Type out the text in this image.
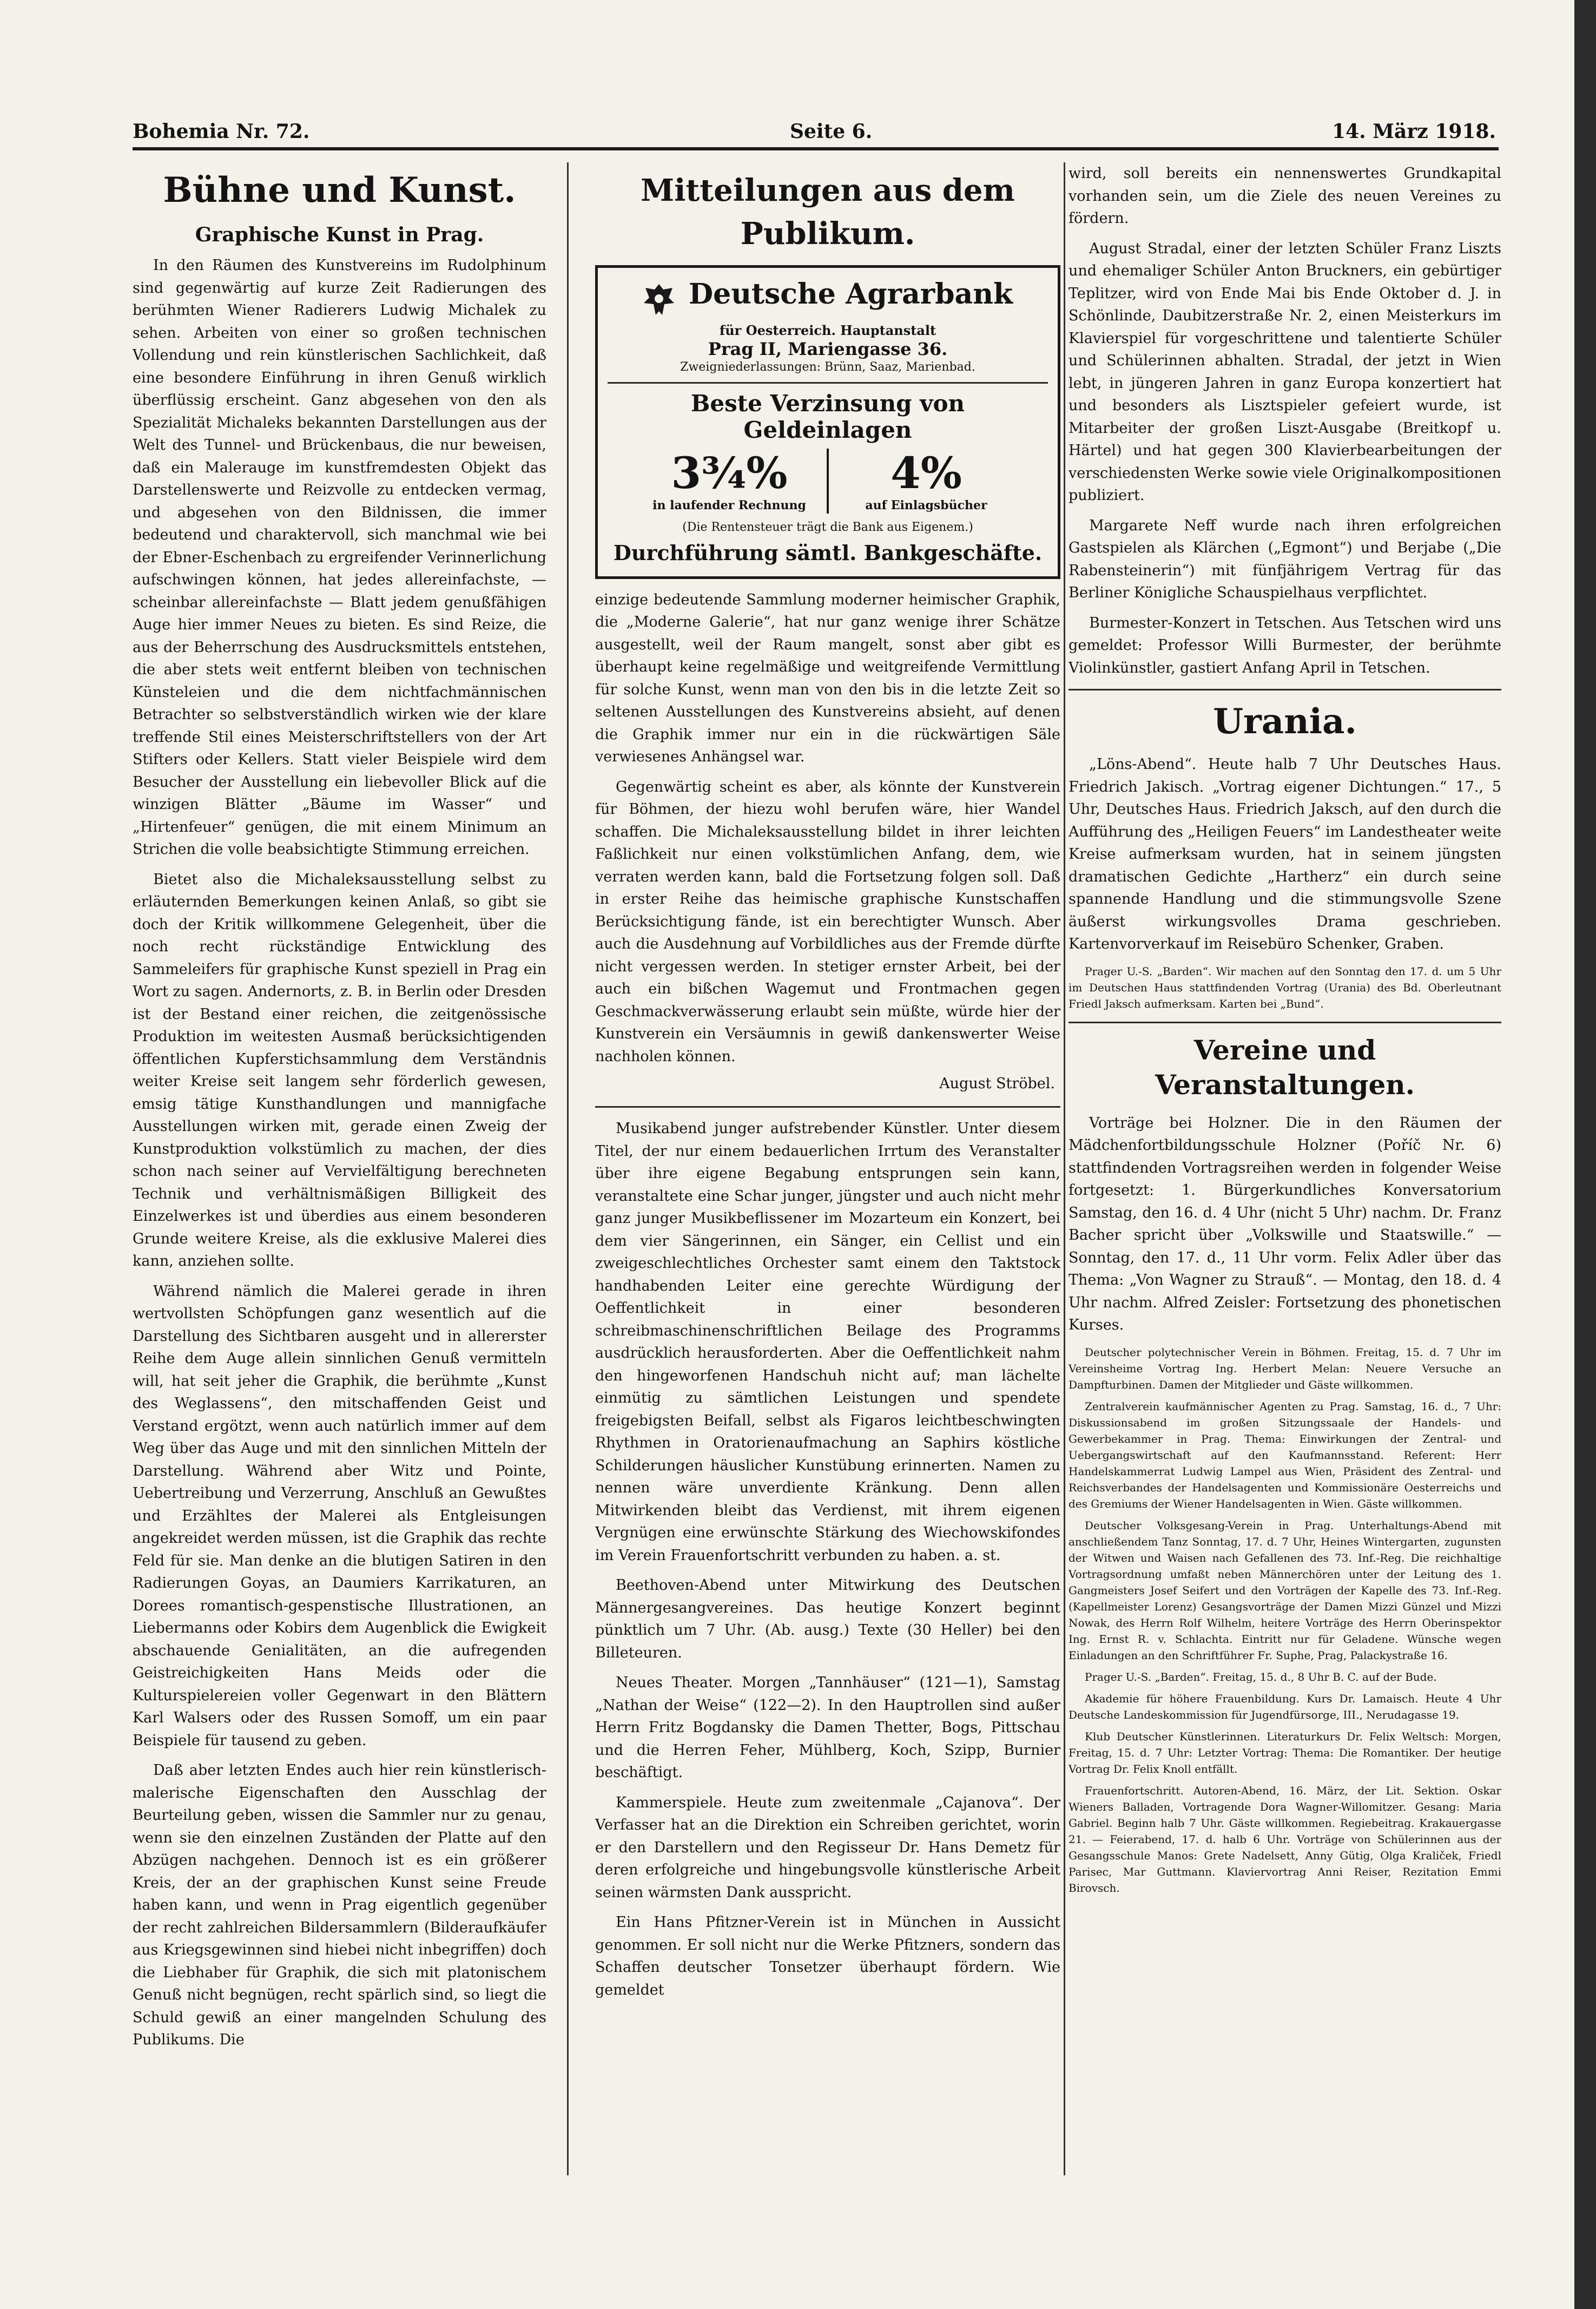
Bohemia Nr. 72.	Seite 6.	14. März 1918.
Bühne und Kunst.
Graphische Kunst in Prag.

In den Räumen des Kunstvereins im Rudolphinum sind gegenwärtig auf kurze Zeit Radierungen des berühmten Wiener Radierers Ludwig Michalek zu sehen. Arbeiten von einer so großen technischen Vollendung und rein künstlerischen Sachlichkeit, daß eine besondere Einführung in ihren Genuß wirklich überflüssig erscheint. Ganz abgesehen von den als Spezialität Michaleks bekannten Darstellungen aus der Welt des Tunnel- und Brückenbaus, die nur beweisen, daß ein Malerauge im kunstfremdesten Objekt das Darstellenswerte und Reizvolle zu entdecken vermag, und abgesehen von den Bildnissen, die immer bedeutend und charaktervoll, sich manchmal wie bei der Ebner-Eschenbach zu ergreifender Verinnerlichung aufschwingen können, hat jedes allereinfachste, — scheinbar allereinfachste — Blatt jedem genußfähigen Auge hier immer Neues zu bieten. Es sind Reize, die aus der Beherrschung des Ausdrucksmittels entstehen, die aber stets weit entfernt bleiben von technischen Künsteleien und die dem nichtfachmännischen Betrachter so selbstverständlich wirken wie der klare treffende Stil eines Meisterschriftstellers von der Art Stifters oder Kellers. Statt vieler Beispiele wird dem Besucher der Ausstellung ein liebevoller Blick auf die winzigen Blätter „Bäume im Wasser“ und „Hirtenfeuer“ genügen, die mit einem Minimum an Strichen die volle beabsichtigte Stimmung erreichen.

Bietet also die Michaleksausstellung selbst zu erläuternden Bemerkungen keinen Anlaß, so gibt sie doch der Kritik willkommene Gelegenheit, über die noch recht rückständige Entwicklung des Sammeleifers für graphische Kunst speziell in Prag ein Wort zu sagen. Andernorts, z. B. in Berlin oder Dresden ist der Bestand einer reichen, die zeitgenössische Produktion im weitesten Ausmaß berücksichtigenden öffentlichen Kupferstichsammlung dem Verständnis weiter Kreise seit langem sehr förderlich gewesen, emsig tätige Kunsthandlungen und mannigfache Ausstellungen wirken mit, gerade einen Zweig der Kunstproduktion volkstümlich zu machen, der dies schon nach seiner auf Vervielfältigung berechneten Technik und verhältnismäßigen Billigkeit des Einzelwerkes ist und überdies aus einem besonderen Grunde weitere Kreise, als die exklusive Malerei dies kann, anziehen sollte.

Während nämlich die Malerei gerade in ihren wertvollsten Schöpfungen ganz wesentlich auf die Darstellung des Sichtbaren ausgeht und in allererster Reihe dem Auge allein sinnlichen Genuß vermitteln will, hat seit jeher die Graphik, die berühmte „Kunst des Weglassens“, den mitschaffenden Geist und Verstand ergötzt, wenn auch natürlich immer auf dem Weg über das Auge und mit den sinnlichen Mitteln der Darstellung. Während aber Witz und Pointe, Uebertreibung und Verzerrung, Anschluß an Gewußtes und Erzähltes der Malerei als Entgleisungen angekreidet werden müssen, ist die Graphik das rechte Feld für sie. Man denke an die blutigen Satiren in den Radierungen Goyas, an Daumiers Karrikaturen, an Dorees romantisch-gespenstische Illustrationen, an Liebermanns oder Kobirs dem Augenblick die Ewigkeit abschauende Genialitäten, an die aufregenden Geistreichigkeiten Hans Meids oder die Kulturspielereien voller Gegenwart in den Blättern Karl Walsers oder des Russen Somoff, um ein paar Beispiele für tausend zu geben.

Daß aber letzten Endes auch hier rein künstlerisch-malerische Eigenschaften den Ausschlag der Beurteilung geben, wissen die Sammler nur zu genau, wenn sie den einzelnen Zuständen der Platte auf den Abzügen nachgehen. Dennoch ist es ein größerer Kreis, der an der graphischen Kunst seine Freude haben kann, und wenn in Prag eigentlich gegenüber der recht zahlreichen Bildersammlern (Bilderaufkäufer aus Kriegsgewinnen sind hiebei nicht inbegriffen) doch die Liebhaber für Graphik, die sich mit platonischem Genuß nicht begnügen, recht spärlich sind, so liegt die Schuld gewiß an einer mangelnden Schulung des Publikums. Die

Mitteilungen aus dem Publikum.
Deutsche Agrarbank
für Oesterreich. Hauptanstalt
Prag II, Mariengasse 36.
Zweigniederlassungen: Brünn, Saaz, Marienbad.
Beste Verzinsung von Geldeinlagen
3¾%
in laufender Rechnung
4%
auf Einlagsbücher
(Die Rentensteuer trägt die Bank aus Eigenem.)
Durchführung sämtl. Bankgeschäfte.

einzige bedeutende Sammlung moderner heimischer Graphik, die „Moderne Galerie“, hat nur ganz wenige ihrer Schätze ausgestellt, weil der Raum mangelt, sonst aber gibt es überhaupt keine regelmäßige und weitgreifende Vermittlung für solche Kunst, wenn man von den bis in die letzte Zeit so seltenen Ausstellungen des Kunstvereins absieht, auf denen die Graphik immer nur ein in die rückwärtigen Säle verwiesenes Anhängsel war.

Gegenwärtig scheint es aber, als könnte der Kunstverein für Böhmen, der hiezu wohl berufen wäre, hier Wandel schaffen. Die Michaleksausstellung bildet in ihrer leichten Faßlichkeit nur einen volkstümlichen Anfang, dem, wie verraten werden kann, bald die Fortsetzung folgen soll. Daß in erster Reihe das heimische graphische Kunstschaffen Berücksichtigung fände, ist ein berechtigter Wunsch. Aber auch die Ausdehnung auf Vorbildliches aus der Fremde dürfte nicht vergessen werden. In stetiger ernster Arbeit, bei der auch ein bißchen Wagemut und Frontmachen gegen Geschmackverwässerung erlaubt sein müßte, würde hier der Kunstverein ein Versäumnis in gewiß dankenswerter Weise nachholen können.

August Ströbel.

Musikabend junger aufstrebender Künstler. Unter diesem Titel, der nur einem bedauerlichen Irrtum des Veranstalter über ihre eigene Begabung entsprungen sein kann, veranstaltete eine Schar junger, jüngster und auch nicht mehr ganz junger Musikbeflissener im Mozarteum ein Konzert, bei dem vier Sängerinnen, ein Sänger, ein Cellist und ein zweigeschlechtliches Orchester samt einem den Taktstock handhabenden Leiter eine gerechte Würdigung der Oeffentlichkeit in einer besonderen schreibmaschinenschriftlichen Beilage des Programms ausdrücklich herausforderten. Aber die Oeffentlichkeit nahm den hingeworfenen Handschuh nicht auf; man lächelte einmütig zu sämtlichen Leistungen und spendete freigebigsten Beifall, selbst als Figaros leichtbeschwingten Rhythmen in Oratorienaufmachung an Saphirs köstliche Schilderungen häuslicher Kunstübung erinnerten. Namen zu nennen wäre unverdiente Kränkung. Denn allen Mitwirkenden bleibt das Verdienst, mit ihrem eigenen Vergnügen eine erwünschte Stärkung des Wiechowskifondes im Verein Frauenfortschritt verbunden zu haben. a. st.

Beethoven-Abend unter Mitwirkung des Deutschen Männergesangvereines. Das heutige Konzert beginnt pünktlich um 7 Uhr. (Ab. ausg.) Texte (30 Heller) bei den Billeteuren.

Neues Theater. Morgen „Tannhäuser“ (121—1), Samstag „Nathan der Weise“ (122—2). In den Hauptrollen sind außer Herrn Fritz Bogdansky die Damen Thetter, Bogs, Pittschau und die Herren Feher, Mühlberg, Koch, Szipp, Burnier beschäftigt.

Kammerspiele. Heute zum zweitenmale „Cajanova“. Der Verfasser hat an die Direktion ein Schreiben gerichtet, worin er den Darstellern und den Regisseur Dr. Hans Demetz für deren erfolgreiche und hingebungsvolle künstlerische Arbeit seinen wärmsten Dank ausspricht.

Ein Hans Pfitzner-Verein ist in München in Aussicht genommen. Er soll nicht nur die Werke Pfitzners, sondern das Schaffen deutscher Tonsetzer überhaupt fördern. Wie gemeldet

wird, soll bereits ein nennenswertes Grundkapital vorhanden sein, um die Ziele des neuen Vereines zu fördern.

August Stradal, einer der letzten Schüler Franz Liszts und ehemaliger Schüler Anton Bruckners, ein gebürtiger Teplitzer, wird von Ende Mai bis Ende Oktober d. J. in Schönlinde, Daubitzerstraße Nr. 2, einen Meisterkurs im Klavierspiel für vorgeschrittene und talentierte Schüler und Schülerinnen abhalten. Stradal, der jetzt in Wien lebt, in jüngeren Jahren in ganz Europa konzertiert hat und besonders als Lisztspieler gefeiert wurde, ist Mitarbeiter der großen Liszt-Ausgabe (Breitkopf u. Härtel) und hat gegen 300 Klavierbearbeitungen der verschiedensten Werke sowie viele Originalkompositionen publiziert.

Margarete Neff wurde nach ihren erfolgreichen Gastspielen als Klärchen („Egmont“) und Berjabe („Die Rabensteinerin“) mit fünfjährigem Vertrag für das Berliner Königliche Schauspielhaus verpflichtet.

Burmester-Konzert in Tetschen. Aus Tetschen wird uns gemeldet: Professor Willi Burmester, der berühmte Violinkünstler, gastiert Anfang April in Tetschen.

Urania.

„Löns-Abend“. Heute halb 7 Uhr Deutsches Haus. Friedrich Jakisch. „Vortrag eigener Dichtungen.“ 17., 5 Uhr, Deutsches Haus. Friedrich Jaksch, auf den durch die Aufführung des „Heiligen Feuers“ im Landestheater weite Kreise aufmerksam wurden, hat in seinem jüngsten dramatischen Gedichte „Hartherz“ ein durch seine spannende Handlung und die stimmungsvolle Szene äußerst wirkungsvolles Drama geschrieben. Kartenvorverkauf im Reisebüro Schenker, Graben.

Prager U.-S. „Barden“. Wir machen auf den Sonntag den 17. d. um 5 Uhr im Deutschen Haus stattfindenden Vortrag (Urania) des Bd. Oberleutnant Friedl Jaksch aufmerksam. Karten bei „Bund“.

Vereine und Veranstaltungen.

Vorträge bei Holzner. Die in den Räumen der Mädchenfortbildungsschule Holzner (Poříč Nr. 6) stattfindenden Vortragsreihen werden in folgender Weise fortgesetzt: 1. Bürgerkundliches Konversatorium Samstag, den 16. d. 4 Uhr (nicht 5 Uhr) nachm. Dr. Franz Bacher spricht über „Volkswille und Staatswille.“ — Sonntag, den 17. d., 11 Uhr vorm. Felix Adler über das Thema: „Von Wagner zu Strauß“. — Montag, den 18. d. 4 Uhr nachm. Alfred Zeisler: Fortsetzung des phonetischen Kurses.

Deutscher polytechnischer Verein in Böhmen. Freitag, 15. d. 7 Uhr im Vereinsheime Vortrag Ing. Herbert Melan: Neuere Versuche an Dampfturbinen. Damen der Mitglieder und Gäste willkommen.

Zentralverein kaufmännischer Agenten zu Prag. Samstag, 16. d., 7 Uhr: Diskussionsabend im großen Sitzungssaale der Handels- und Gewerbekammer in Prag. Thema: Einwirkungen der Zentral- und Uebergangswirtschaft auf den Kaufmannsstand. Referent: Herr Handelskammerrat Ludwig Lampel aus Wien, Präsident des Zentral- und Reichsverbandes der Handelsagenten und Kommissionäre Oesterreichs und des Gremiums der Wiener Handelsagenten in Wien. Gäste willkommen.

Deutscher Volksgesang-Verein in Prag. Unterhaltungs-Abend mit anschließendem Tanz Sonntag, 17. d. 7 Uhr, Heines Wintergarten, zugunsten der Witwen und Waisen nach Gefallenen des 73. Inf.-Reg. Die reichhaltige Vortragsordnung umfaßt neben Männerchören unter der Leitung des 1. Gangmeisters Josef Seifert und den Vorträgen der Kapelle des 73. Inf.-Reg. (Kapellmeister Lorenz) Gesangsvorträge der Damen Mizzi Günzel und Mizzi Nowak, des Herrn Rolf Wilhelm, heitere Vorträge des Herrn Oberinspektor Ing. Ernst R. v. Schlachta. Eintritt nur für Geladene. Wünsche wegen Einladungen an den Schriftführer Fr. Suphe, Prag, Palackystraße 16.

Prager U.-S. „Barden“. Freitag, 15. d., 8 Uhr B. C. auf der Bude.

Akademie für höhere Frauenbildung. Kurs Dr. Lamaisch. Heute 4 Uhr Deutsche Landeskommission für Jugendfürsorge, III., Nerudagasse 19.

Klub Deutscher Künstlerinnen. Literaturkurs Dr. Felix Weltsch: Morgen, Freitag, 15. d. 7 Uhr: Letzter Vortrag: Thema: Die Romantiker. Der heutige Vortrag Dr. Felix Knoll entfällt.

Frauenfortschritt. Autoren-Abend, 16. März, der Lit. Sektion. Oskar Wieners Balladen, Vortragende Dora Wagner-Willomitzer. Gesang: Maria Gabriel. Beginn halb 7 Uhr. Gäste willkommen. Regiebeitrag. Krakauergasse 21. — Feierabend, 17. d. halb 6 Uhr. Vorträge von Schülerinnen aus der Gesangsschule Manos: Grete Nadelsett, Anny Gütig, Olga Kraliček, Friedl Parisec, Mar Guttmann. Klaviervortrag Anni Reiser, Rezitation Emmi Birovsch.
